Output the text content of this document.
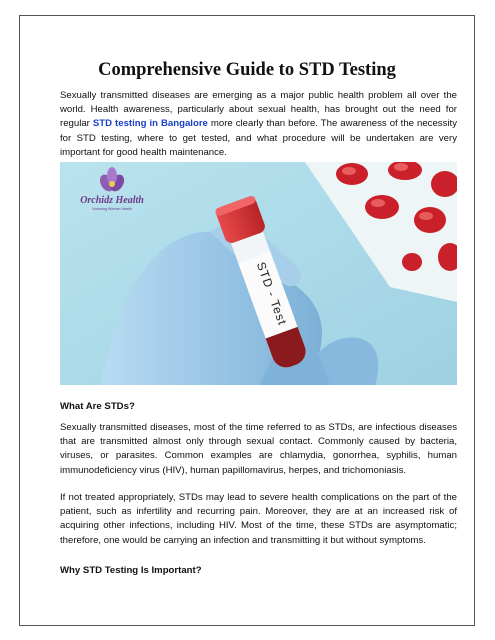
Comprehensive Guide to STD Testing

Sexually transmitted diseases are emerging as a major public health problem all over the world. Health awareness, particularly about sexual health, has brought out the need for regular STD testing in Bangalore more clearly than before. The awareness of the necessity for STD testing, where to get tested, and what procedure will be undertaken are very important for good health maintenance.

STD - Test
Orchidz Health
Nurturing Women Health
What Are STDs?

Sexually transmitted diseases, most of the time referred to as STDs, are infectious diseases that are transmitted almost only through sexual contact. Commonly caused by bacteria, viruses, or parasites. Common examples are chlamydia, gonorrhea, syphilis, human immunodeficiency virus (HIV), human papillomavirus, herpes, and trichomoniasis.

If not treated appropriately, STDs may lead to severe health complications on the part of the patient, such as infertility and recurring pain. Moreover, they are at an increased risk of acquiring other infections, including HIV. Most of the time, these STDs are asymptomatic; therefore, one would be carrying an infection and transmitting it but without symptoms.

Why STD Testing Is Important?
